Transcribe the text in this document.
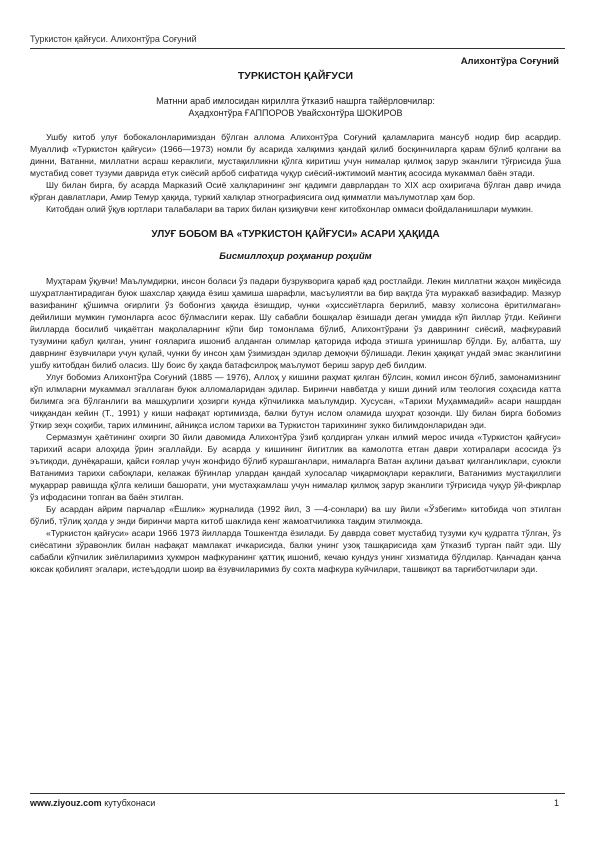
Туркистон қайғуси. Алихонтўра Соғуний
Алихонтўра Соғуний
ТУРКИСТОН ҚАЙҒУСИ
Матнни араб имлосидан кириллга ўтказиб нашрга тайёрловчилар:
Аҳадхонтўра ҒАППОРОВ Увайсхонтўра ШОКИРОВ

Ушбу китоб улуғ бобокалонларимиздан бўлган аллома Алихонтўра Соғуний қаламларига мансуб нодир бир асардир. Муаллиф «Туркистон қайғуси» (1966—1973) номли бу асарида халқимиз қандай қилиб босқинчиларга қарам бўлиб қолгани ва динни, Ватанни, миллатни асраш кераклиги, мустақилликни қўлга киритиш учун нималар қилмоқ зарур эканлиги тўғрисида ўша мустабид совет тузуми даврида етук сиёсий арбоб сифатида чуқур сиёсий-ижтимоий мантиқ асосида мукаммал баён этади.

Шу билан бирга, бу асарда Марказий Осиё халқларининг энг қадимги даврлардан то XIX аср охиригача бўлган давр ичида кўрган давлатлари, Амир Темур ҳақида, туркий халқлар этнографиясига оид қимматли маълумотлар ҳам бор.

Китобдан олий ўқув юртлари талабалари ва тарих билан қизиқувчи кенг китобхонлар оммаси фойдаланишлари мумкин.

УЛУҒ БОБОМ ВА «ТУРКИСТОН ҚАЙҒУСИ» АСАРИ ҲАҚИДА
Бисмиллоҳир роҳманир роҳийм

Муҳтарам ўқувчи! Маълумдирки, инсон боласи ўз падари бузрукворига қараб қад ростлайди. Лекин миллатни жаҳон миқёсида шуҳратлантирадиган буюк шахслар ҳақида ёзиш ҳамиша шарафли, масъулиятли ва бир вақтда ўта мураккаб вазифадир. Мазкур вазифанинг қўшимча оғирлиги ўз бобонгиз ҳақида ёзишдир, чунки «ҳиссиётларга берилиб, мавзу холисона ёритилмаган» дейилиши мумкин гумонларга асос бўлмаслиги керак. Шу сабабли бошқалар ёзишади деган умидда кўп йиллар ўтди. Кейинги йилларда босилиб чиқаётган мақолаларнинг кўпи бир томонлама бўлиб, Алихонтўрани ўз даврининг сиёсий, мафкуравий тузумини қабул қилган, унинг ғояларига ишониб алданган олимлар қаторида ифода этишга уринишлар бўлди. Бу, албатта, шу даврнинг ёзувчилари учун қулай, чунки бу инсон ҳам ўзимиздан эдилар демоқчи бўлишади. Лекин ҳақиқат ундай эмас эканлигини ушбу китобдан билиб оласиз. Шу боис бу ҳақда батафсилроқ маълумот бериш зарур деб билдим.

Улуғ бобомиз Алихонтўра Соғуний (1885 — 1976), Аллоҳ у кишини раҳмат қилган бўлсин, комил инсон бўлиб, замонамизнинг кўп илмларни мукаммал эгаллаган буюк алломаларидан эдилар. Биринчи навбатда у киши диний илм теология соҳасида катта билимга эга бўлганлиги ва машҳурлиги ҳозирги кунда кўпчиликка маълумдир. Хусусан, «Тарихи Муҳаммадий» асари нашрдан чиққандан кейин (Т., 1991) у киши нафақат юртимизда, балки бутун ислом оламида шуҳрат қозонди. Шу билан бирга бобомиз ўткир зеҳн соҳиби, тарих илмининг, айниқса ислом тарихи ва Туркистон тарихининг зукко билимдонларидан эди.

Сермазмун ҳаётининг охирги 30 йили давомида Алихонтўра ўзиб қолдирган улкан илмий мерос ичида «Туркистон қайғуси» тарихий асари алоҳида ўрин эгаллайди. Бу асарда у кишининг йигитлик ва камолотга етган даври хотиралари асосида ўз эътиқоди, дунёқараши, қайси ғоялар учун жонфидо бўлиб курашганлари, нималарга Ватан аҳлини даъват қилганликлари, суюкли Ватанимиз тарихи сабоқлари, келажак бўғинлар улардан қандай хулосалар чиқармоқлари кераклиги, Ватанимиз мустақиллиги муқаррар равишда қўлга келиши башорати, уни мустаҳкамлаш учун нималар қилмоқ зарур эканлиги тўғрисида чуқур ўй-фикрлар ўз ифодасини топган ва баён этилган.

Бу асардан айрим парчалар «Ёшлик» журналида (1992 йил, 3 —4-сонлари) ва шу йили «Ўзбегим» китобида чоп этилган бўлиб, тўлиқ ҳолда у энди биринчи марта китоб шаклида кенг жамоатчиликка тақдим этилмоқда.

«Туркистон қайғуси» асари 1966 1973 йилларда Тошкентда ёзилади. Бу даврда совет мустабид тузуми куч қудратга тўлган, ўз сиёсатини зўравонлик билан нафақат мамлакат ичкарисида, балки унинг узоқ ташқарисида ҳам ўтказиб турган пайт эди. Шу сабабли кўпчилик зиёлиларимиз ҳукмрон мафкуранинг қаттиқ ишониб, кечаю кундуз унинг хизматида бўлдилар. Қанчадан қанча юксак қобилият эгалари, истеъдодли шоир ва ёзувчиларимиз бу сохта мафкура куйчилари, ташвиқот ва тарғиботчилари эди.

www.ziyouz.com кутубхонаси	1
